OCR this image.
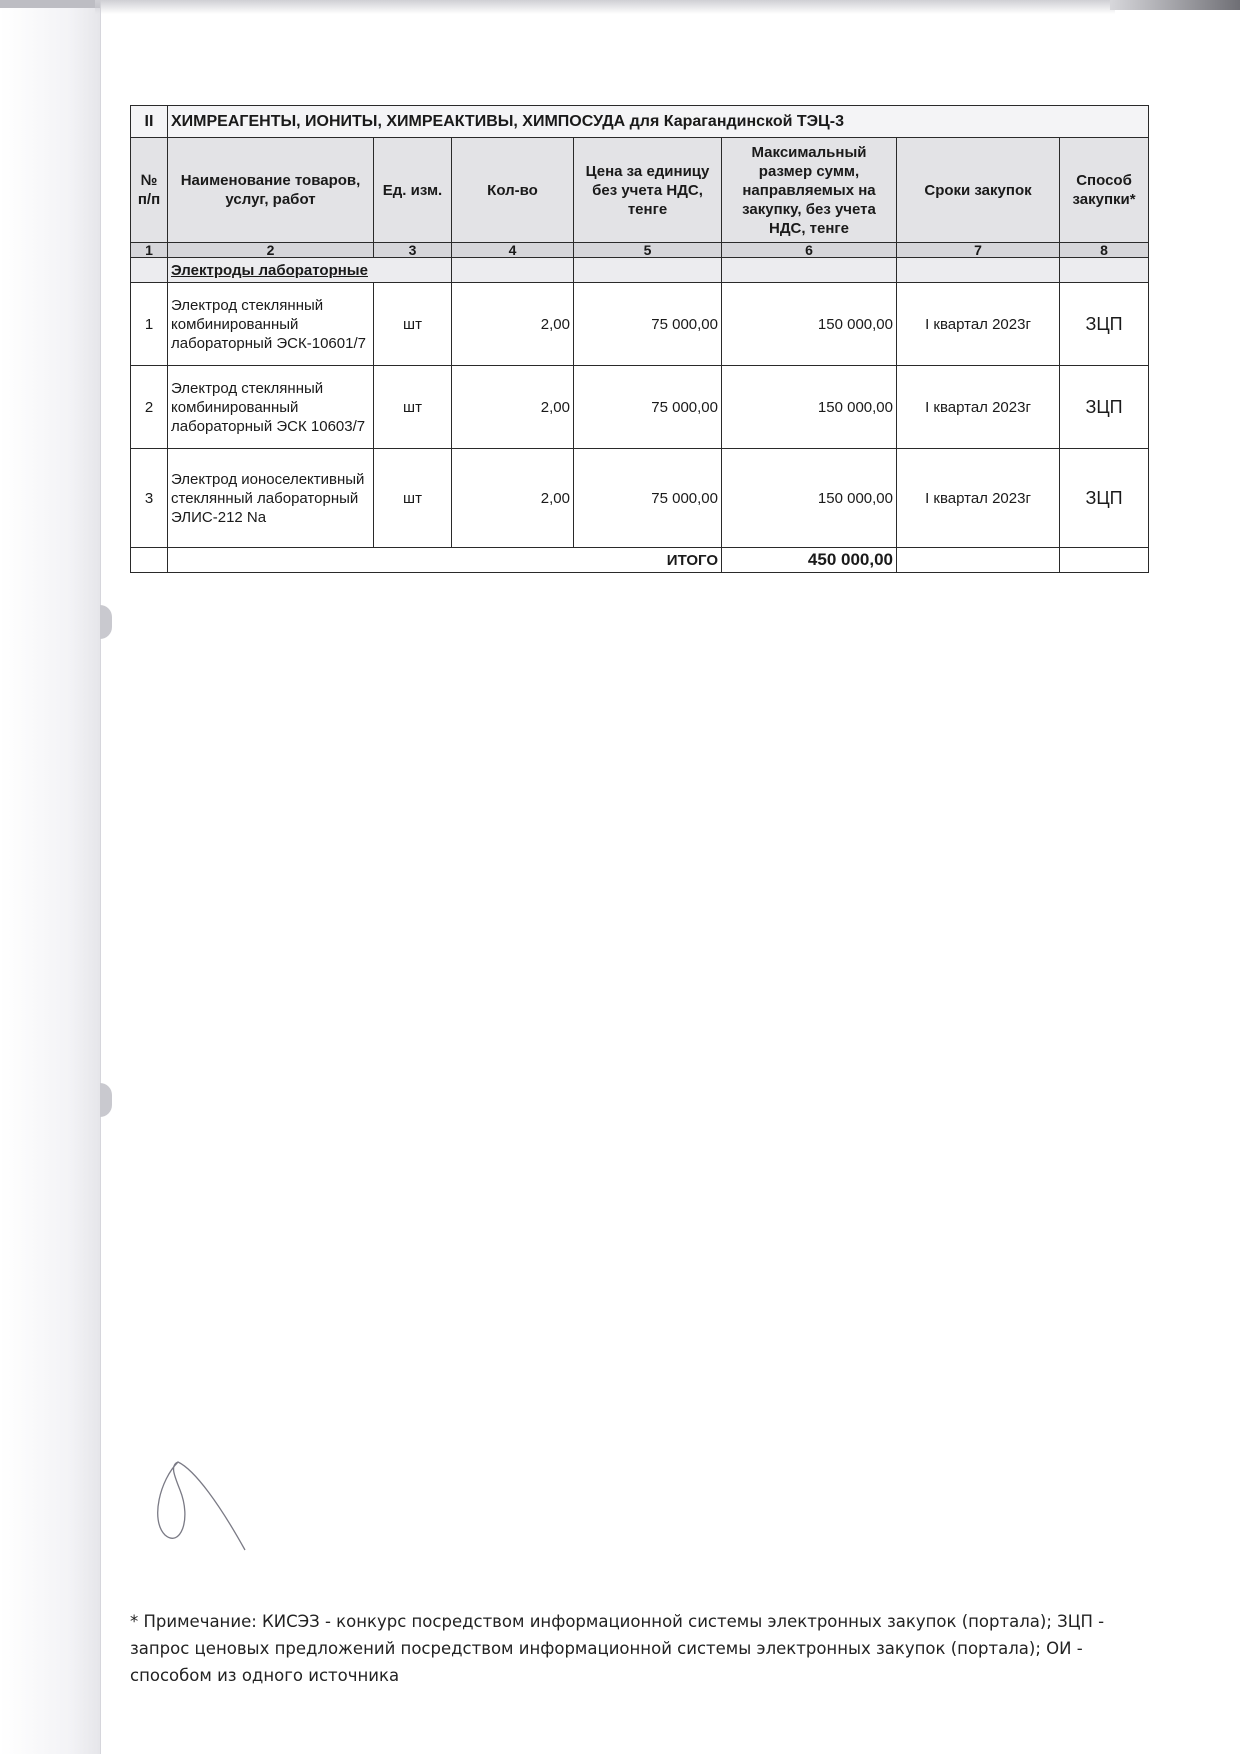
II	ХИМРЕАГЕНТЫ, ИОНИТЫ, ХИМРЕАКТИВЫ, ХИМПОСУДА для Карагандинской ТЭЦ-3						
№ п/п	Наименование товаров, услуг, работ	Ед. изм.	Кол-во	Цена за единицу без учета НДС, тенге	Максимальный размер сумм, направляемых на закупку, без учета НДС, тенге	Сроки закупок	Способ закупки*
1	2	3	4	5	6	7	8
	Электроды лабораторные						
1	Электрод стеклянный комбинированный лабораторный ЭСК-10601/7	шт	2,00	75 000,00	150 000,00	I квартал 2023г	ЗЦП
2	Электрод стеклянный комбинированный лабораторный ЭСК 10603/7	шт	2,00	75 000,00	150 000,00	I квартал 2023г	ЗЦП
3	Электрод ионоселективный стеклянный лабораторный ЭЛИС-212 Na	шт	2,00	75 000,00	150 000,00	I квартал 2023г	ЗЦП
	ИТОГО				450 000,00		
* Примечание: КИСЭЗ - конкурс посредством информационной системы электронных закупок (портала); ЗЦП - запрос ценовых предложений посредством информационной системы электронных закупок (портала); ОИ - способом из одного источника
